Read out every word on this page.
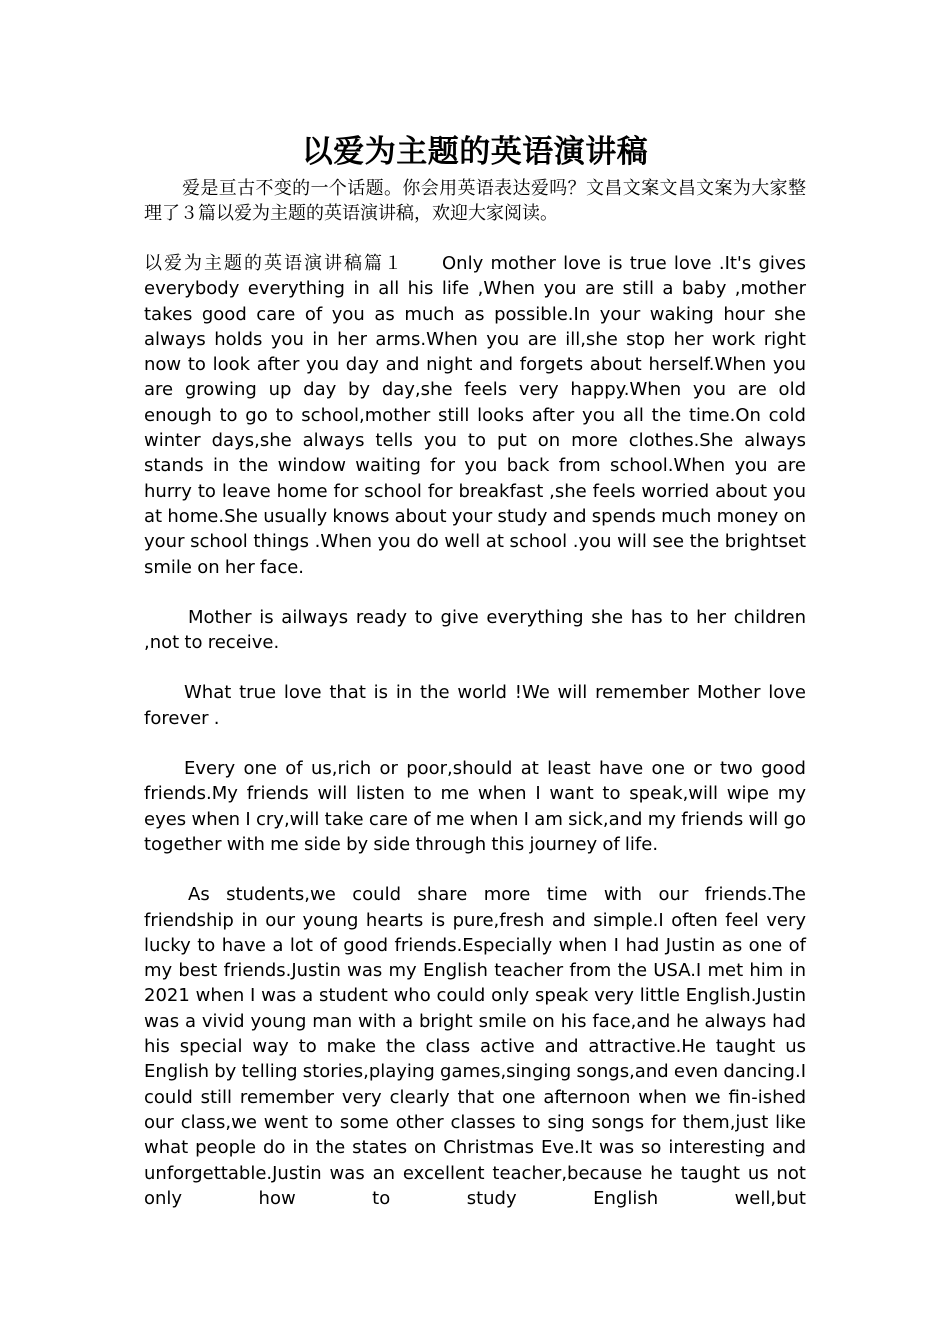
以爱为主题的英语演讲稿

爱是亘古不变的一个话题。你会用英语表达爱吗？文昌文案文昌文案为大家整理了３篇以爱为主题的英语演讲稿，欢迎大家阅读。

以爱为主题的英语演讲稿篇１ Only mother love is true love .It's gives everybody everything in all his life ,When you are still a baby ,mother takes good care of you as much as possible.In your waking hour she always holds you in her arms.When you are ill,she stop her work right now to look after you day and night and forgets about herself.When you are growing up day by day,she feels very happy.When you are old enough to go to school,mother still looks after you all the time.On cold winter days,she always tells you to put on more clothes.She always stands in the window waiting for you back from school.When you are hurry to leave home for school for breakfast ,she feels worried about you at home.She usually knows about your study and spends much money on your school things .When you do well at school .you will see the brightset smile on her face.

Mother is ailways ready to give everything she has to her children ,not to receive.

What true love that is in the world !We will remember Mother love forever .

Every one of us,rich or poor,should at least have one or two good friends.My friends will listen to me when I want to speak,will wipe my eyes when I cry,will take care of me when I am sick,and my friends will go together with me side by side through this journey of life.

As students,we could share more time with our friends.The friendship in our young hearts is pure,fresh and simple.I often feel very lucky to have a lot of good friends.Especially when I had Justin as one of my best friends.Justin was my English teacher from the USA.I met him in 2021 when I was a student who could only speak very little English.Justin was a vivid young man with a bright smile on his face,and he always had his special way to make the class active and attractive.He taught us English by telling stories,playing games,singing songs,and even dancing.I could still remember very clearly that one afternoon when we fin-ished our class,we went to some other classes to sing songs for them,just like what people do in the states on Christmas Eve.It was so interesting and unforgettable.Justin was an excellent teacher,because he taught us not only how to study English well,but
